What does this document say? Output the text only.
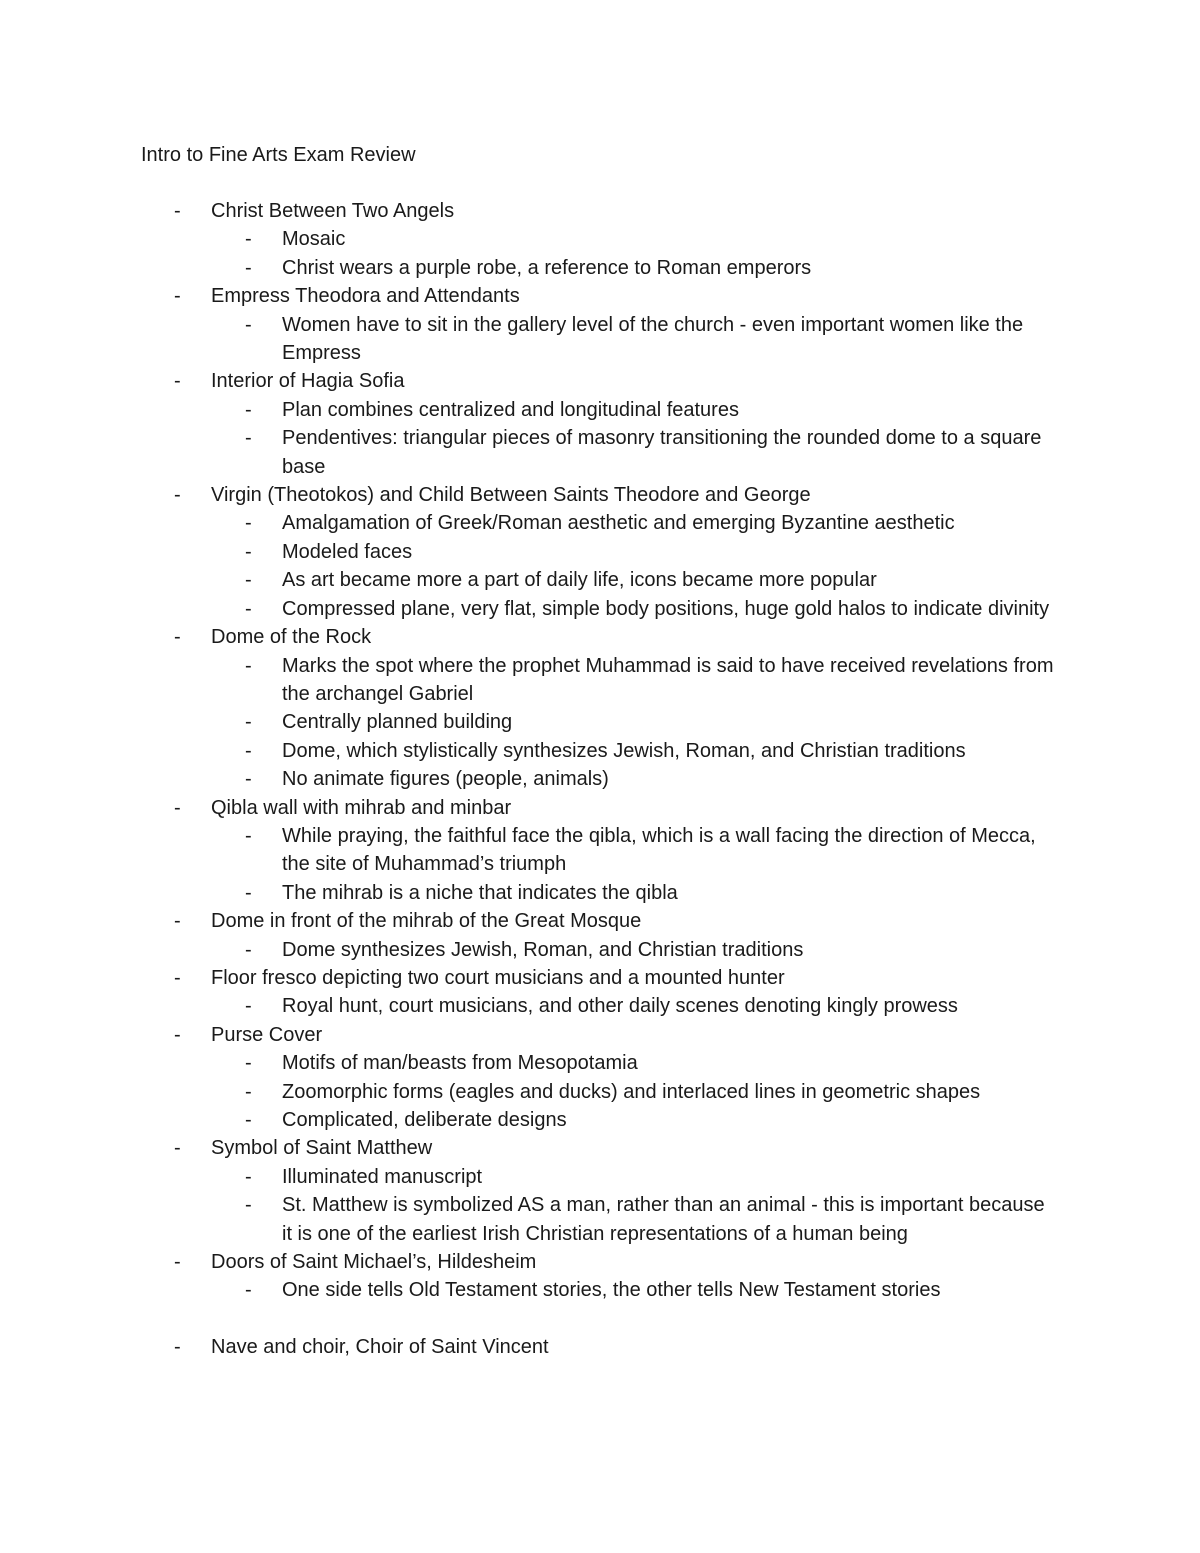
Intro to Fine Arts Exam Review
- Christ Between Two Angels
- Mosaic
- Christ wears a purple robe, a reference to Roman emperors
- Empress Theodora and Attendants
- Women have to sit in the gallery level of the church - even important women like the Empress
- Interior of Hagia Sofia
- Plan combines centralized and longitudinal features
- Pendentives: triangular pieces of masonry transitioning the rounded dome to a square base
- Virgin (Theotokos) and Child Between Saints Theodore and George
- Amalgamation of Greek/Roman aesthetic and emerging Byzantine aesthetic
- Modeled faces
- As art became more a part of daily life, icons became more popular
- Compressed plane, very flat, simple body positions, huge gold halos to indicate divinity
- Dome of the Rock
- Marks the spot where the prophet Muhammad is said to have received revelations from the archangel Gabriel
- Centrally planned building
- Dome, which stylistically synthesizes Jewish, Roman, and Christian traditions
- No animate figures (people, animals)
- Qibla wall with mihrab and minbar
- While praying, the faithful face the qibla, which is a wall facing the direction of Mecca, the site of Muhammad’s triumph
- The mihrab is a niche that indicates the qibla
- Dome in front of the mihrab of the Great Mosque
- Dome synthesizes Jewish, Roman, and Christian traditions
- Floor fresco depicting two court musicians and a mounted hunter
- Royal hunt, court musicians, and other daily scenes denoting kingly prowess
- Purse Cover
- Motifs of man/beasts from Mesopotamia
- Zoomorphic forms (eagles and ducks) and interlaced lines in geometric shapes
- Complicated, deliberate designs
- Symbol of Saint Matthew
- Illuminated manuscript
- St. Matthew is symbolized AS a man, rather than an animal - this is important because it is one of the earliest Irish Christian representations of a human being
- Doors of Saint Michael’s, Hildesheim
- One side tells Old Testament stories, the other tells New Testament stories
- Nave and choir, Choir of Saint Vincent
